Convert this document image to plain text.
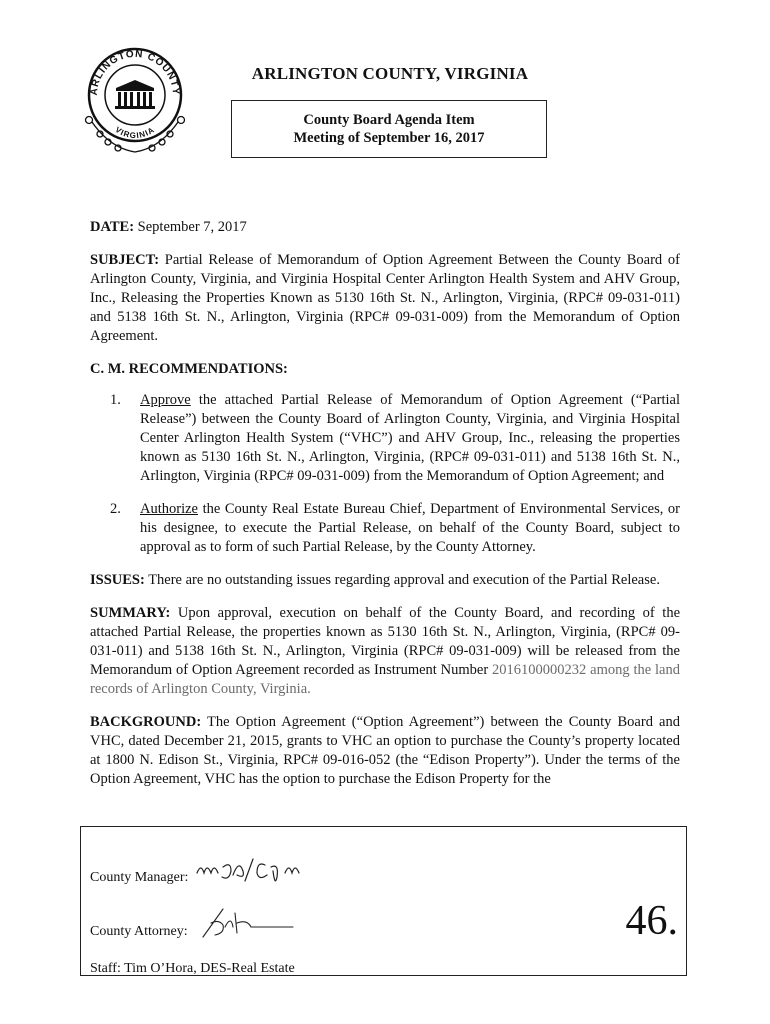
ARLINGTON COUNTY
VIRGINIA
ARLINGTON COUNTY, VIRGINIA
County Board Agenda Item
Meeting of September 16, 2017

DATE: September 7, 2017

SUBJECT: Partial Release of Memorandum of Option Agreement Between the County Board of Arlington County, Virginia, and Virginia Hospital Center Arlington Health System and AHV Group, Inc., Releasing the Properties Known as 5130 16th St. N., Arlington, Virginia, (RPC# 09-031-011) and 5138 16th St. N., Arlington, Virginia (RPC# 09-031-009) from the Memorandum of Option Agreement.

C. M. RECOMMENDATIONS:

1. Approve the attached Partial Release of Memorandum of Option Agreement (“Partial Release”) between the County Board of Arlington County, Virginia, and Virginia Hospital Center Arlington Health System (“VHC”) and AHV Group, Inc., releasing the properties known as 5130 16th St. N., Arlington, Virginia, (RPC# 09-031-011) and 5138 16th St. N., Arlington, Virginia (RPC# 09-031-009) from the Memorandum of Option Agreement; and
2. Authorize the County Real Estate Bureau Chief, Department of Environmental Services, or his designee, to execute the Partial Release, on behalf of the County Board, subject to approval as to form of such Partial Release, by the County Attorney.

ISSUES: There are no outstanding issues regarding approval and execution of the Partial Release.

SUMMARY: Upon approval, execution on behalf of the County Board, and recording of the attached Partial Release, the properties known as 5130 16th St. N., Arlington, Virginia, (RPC# 09-031-011) and 5138 16th St. N., Arlington, Virginia (RPC# 09-031-009) will be released from the Memorandum of Option Agreement recorded as Instrument Number 2016100000232 among the land records of Arlington County, Virginia.

BACKGROUND: The Option Agreement (“Option Agreement”) between the County Board and VHC, dated December 21, 2015, grants to VHC an option to purchase the County’s property located at 1800 N. Edison St., Virginia, RPC# 09-016-052 (the “Edison Property”). Under the terms of the Option Agreement, VHC has the option to purchase the Edison Property for the

County Manager:
County Attorney:
Staff: Tim O’Hora, DES-Real Estate
46.
